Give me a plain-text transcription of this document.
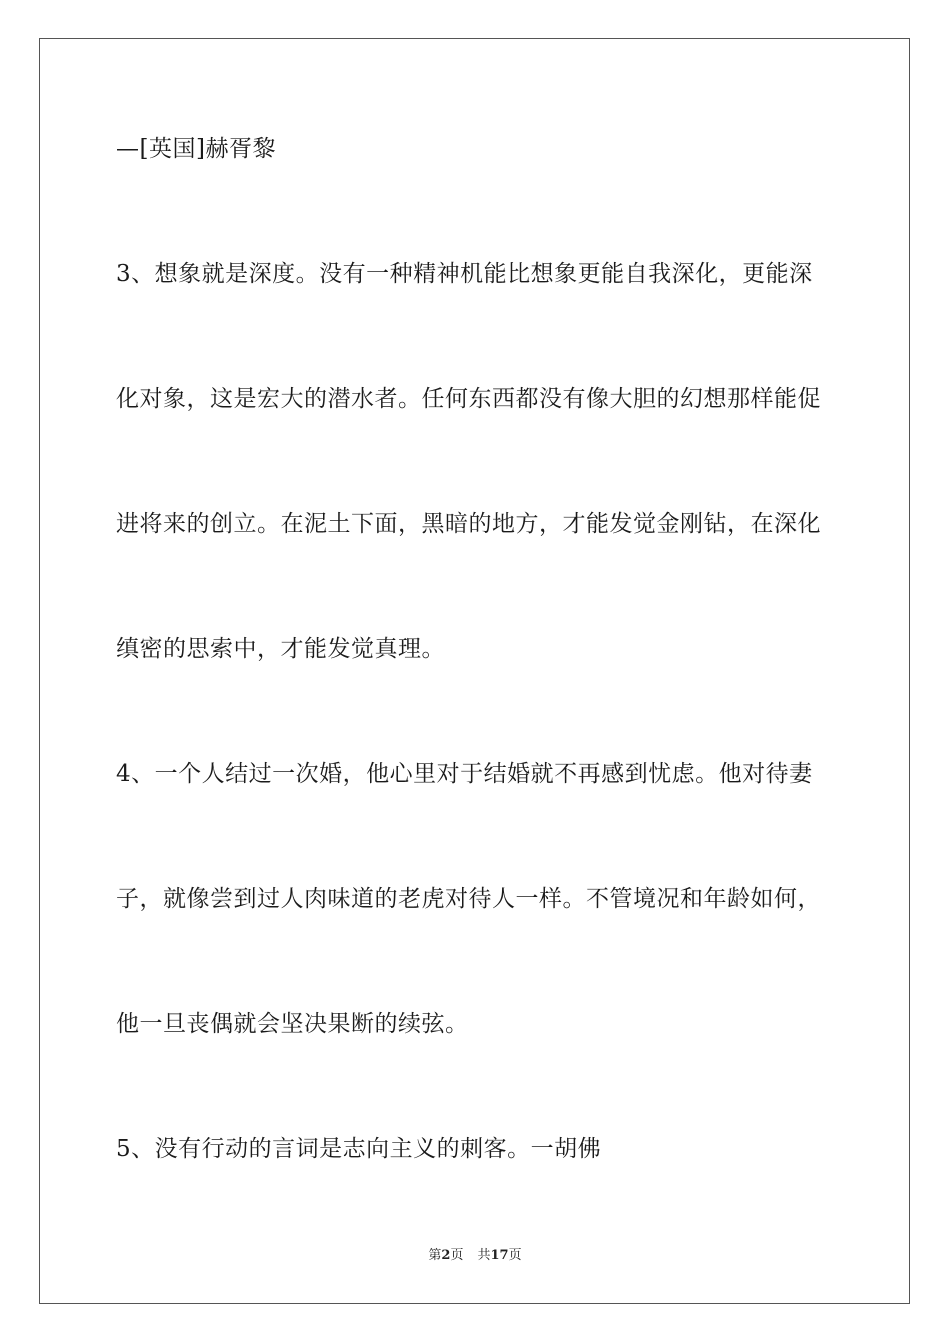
—[英国]赫胥黎
3、想象就是深度。没有一种精神机能比想象更能自我深化，更能深
化对象，这是宏大的潜水者。任何东西都没有像大胆的幻想那样能促
进将来的创立。在泥土下面，黑暗的地方，才能发觉金刚钻，在深化
缜密的思索中，才能发觉真理。
4、一个人结过一次婚，他心里对于结婚就不再感到忧虑。他对待妻
子，就像尝到过人肉味道的老虎对待人一样。不管境况和年龄如何，
他一旦丧偶就会坚决果断的续弦。
5、没有行动的言词是志向主义的刺客。一胡佛
第2页 共17页
